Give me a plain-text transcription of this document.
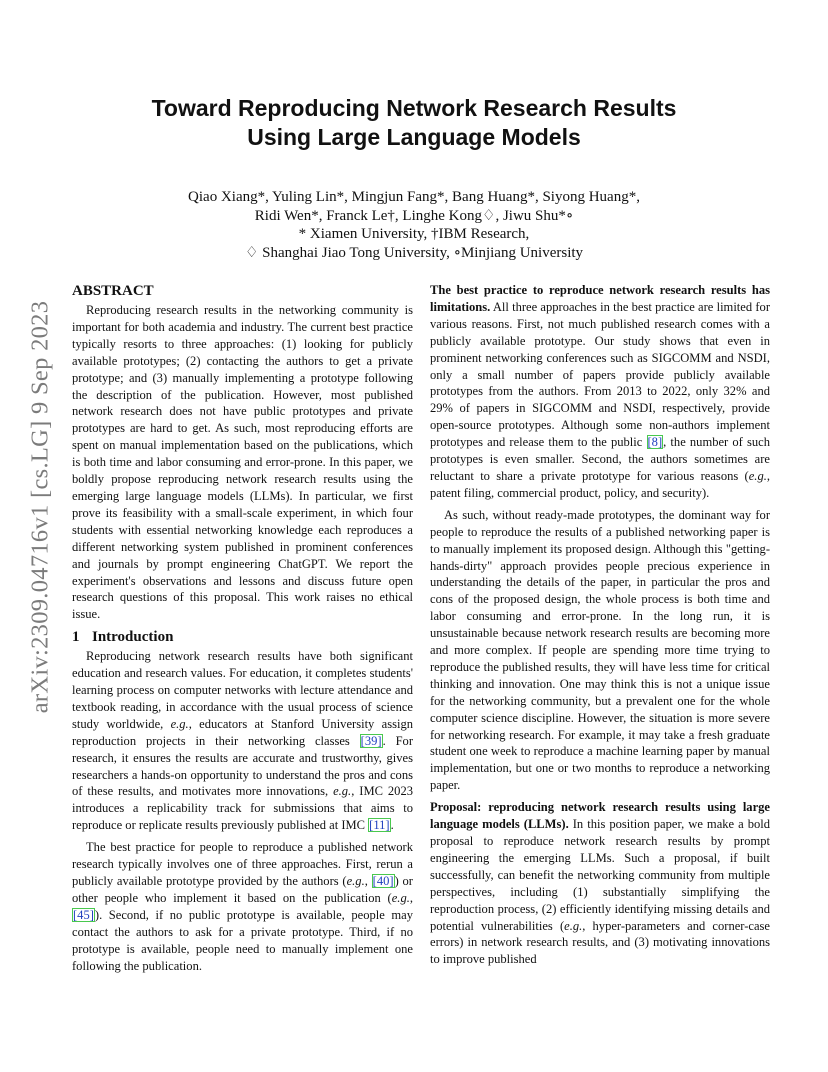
arXiv:2309.04716v1 [cs.LG] 9 Sep 2023
Toward Reproducing Network Research Results
Using Large Language Models
Qiao Xiang*, Yuling Lin*, Mingjun Fang*, Bang Huang*, Siyong Huang*,
Ridi Wen*, Franck Le†, Linghe Kong♢, Jiwu Shu*∘
* Xiamen University, †IBM Research,
♢ Shanghai Jiao Tong University, ∘Minjiang University
ABSTRACT

Reproducing research results in the networking community is important for both academia and industry. The current best practice typically resorts to three approaches: (1) looking for publicly available prototypes; (2) contacting the authors to get a private prototype; and (3) manually implementing a prototype following the description of the publication. However, most published network research does not have public prototypes and private prototypes are hard to get. As such, most reproducing efforts are spent on manual implementation based on the publications, which is both time and labor consuming and error-prone. In this paper, we boldly propose reproducing network research results using the emerging large language models (LLMs). In particular, we first prove its feasibility with a small-scale experiment, in which four students with essential networking knowledge each reproduces a different networking system published in prominent conferences and journals by prompt engineering ChatGPT. We report the experiment's observations and lessons and discuss future open research questions of this proposal. This work raises no ethical issue.

1 Introduction

Reproducing network research results have both significant education and research values. For education, it completes students' learning process on computer networks with lecture attendance and textbook reading, in accordance with the usual process of science study worldwide, e.g., educators at Stanford University assign reproduction projects in their networking classes [39]. For research, it ensures the results are accurate and trustworthy, gives researchers a hands-on opportunity to understand the pros and cons of these results, and motivates more innovations, e.g., IMC 2023 introduces a replicability track for submissions that aims to reproduce or replicate results previously published at IMC [11].

The best practice for people to reproduce a published network research typically involves one of three approaches. First, rerun a publicly available prototype provided by the authors (e.g., [40]) or other people who implement it based on the publication (e.g., [45]). Second, if no public prototype is available, people may contact the authors to ask for a private prototype. Third, if no prototype is available, people need to manually implement one following the publication.

The best practice to reproduce network research results has limitations. All three approaches in the best practice are limited for various reasons. First, not much published research comes with a publicly available prototype. Our study shows that even in prominent networking conferences such as SIGCOMM and NSDI, only a small number of papers provide publicly available prototypes from the authors. From 2013 to 2022, only 32% and 29% of papers in SIGCOMM and NSDI, respectively, provide open-source prototypes. Although some non-authors implement prototypes and release them to the public [8], the number of such prototypes is even smaller. Second, the authors sometimes are reluctant to share a private prototype for various reasons (e.g., patent filing, commercial product, policy, and security).

As such, without ready-made prototypes, the dominant way for people to reproduce the results of a published networking paper is to manually implement its proposed design. Although this "getting-hands-dirty" approach provides people precious experience in understanding the details of the paper, in particular the pros and cons of the proposed design, the whole process is both time and labor consuming and error-prone. In the long run, it is unsustainable because network research results are becoming more and more complex. If people are spending more time trying to reproduce the published results, they will have less time for critical thinking and innovation. One may think this is not a unique issue for the networking community, but a prevalent one for the whole computer science discipline. However, the situation is more severe for networking research. For example, it may take a fresh graduate student one week to reproduce a machine learning paper by manual implementation, but one or two months to reproduce a networking paper.

Proposal: reproducing network research results using large language models (LLMs). In this position paper, we make a bold proposal to reproduce network research results by prompt engineering the emerging LLMs. Such a proposal, if built successfully, can benefit the networking community from multiple perspectives, including (1) substantially simplifying the reproduction process, (2) efficiently identifying missing details and potential vulnerabilities (e.g., hyper-parameters and corner-case errors) in network research results, and (3) motivating innovations to improve published
